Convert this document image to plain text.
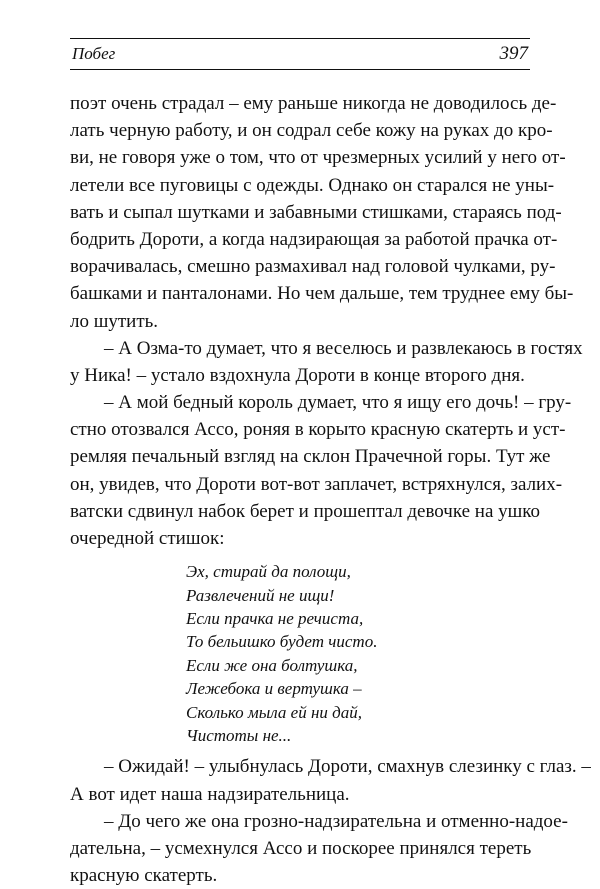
Побег	397
поэт очень страдал – ему раньше никогда не доводилось де-
лать черную работу, и он содрал себе кожу на руках до кро-
ви, не говоря уже о том, что от чрезмерных усилий у него от-
летели все пуговицы с одежды. Однако он старался не уны-
вать и сыпал шутками и забавными стишками, стараясь под-
бодрить Дороти, а когда надзирающая за работой прачка от-
ворачивалась, смешно размахивал над головой чулками, ру-
башками и панталонами. Но чем дальше, тем труднее ему бы-
ло шутить.
– А Озма-то думает, что я веселюсь и развлекаюсь в гостях
у Ника! – устало вздохнула Дороти в конце второго дня.
– А мой бедный король думает, что я ищу его дочь! – гру-
стно отозвался Ассо, роняя в корыто красную скатерть и уст-
ремляя печальный взгляд на склон Прачечной горы. Тут же
он, увидев, что Дороти вот-вот заплачет, встряхнулся, залих-
ватски сдвинул набок берет и прошептал девочке на ушко
очередной стишок:
Эх, стирай да полощи,
Развлечений не ищи!
Если прачка не речиста,
То бельишко будет чисто.
Если же она болтушка,
Лежебока и вертушка –
Сколько мыла ей ни дай,
Чистоты не...
– Ожидай! – улыбнулась Дороти, смахнув слезинку с глаз. –
А вот идет наша надзирательница.
– До чего же она грозно-надзирательна и отменно-надое-
дательна, – усмехнулся Ассо и поскорее принялся тереть
красную скатерть.
